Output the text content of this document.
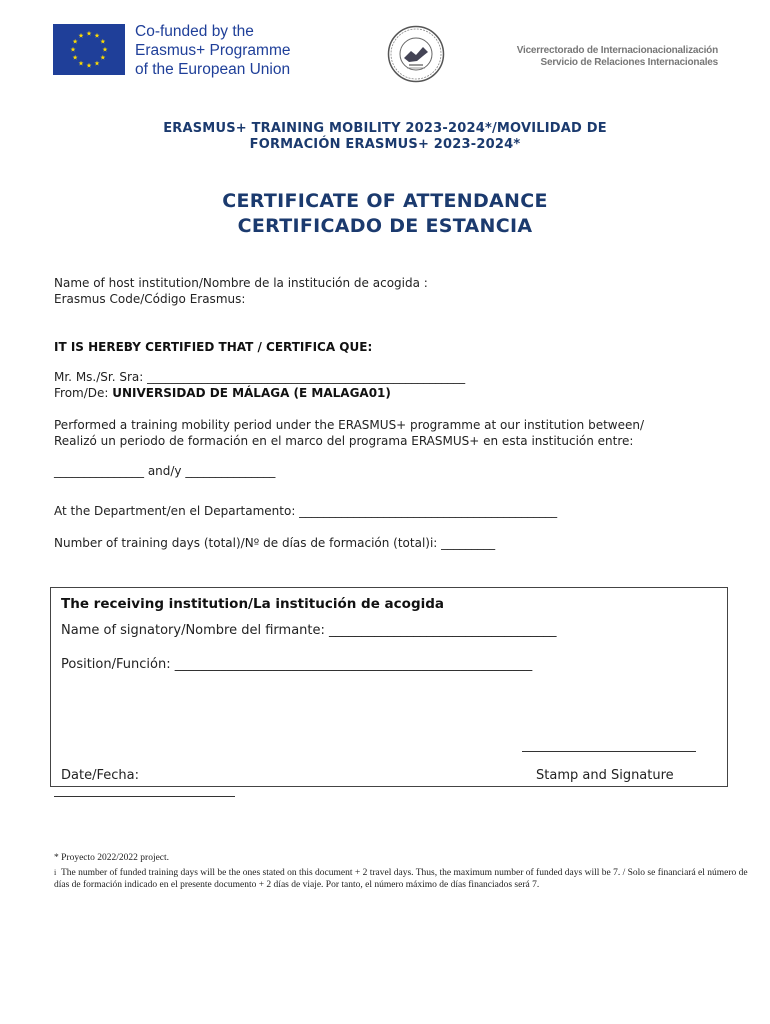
Co-funded by the
Erasmus+ Programme
of the European Union
Vicerrectorado de Internacionacionalización
Servicio de Relaciones Internacionales
ERASMUS+ TRAINING MOBILITY 2023-2024*/MOVILIDAD DE
FORMACIÓN ERASMUS+ 2023-2024*
CERTIFICATE OF ATTENDANCE
CERTIFICADO DE ESTANCIA
Name of host institution/Nombre de la institución de acogida :
Erasmus Code/Código Erasmus:
IT IS HEREBY CERTIFIED THAT / CERTIFICA QUE:
Mr. Ms./Sr. Sra: _____________________________________________________
From/De: UNIVERSIDAD DE MÁLAGA (E MALAGA01)
Performed a training mobility period under the ERASMUS+ programme at our institution between/
Realizó un periodo de formación en el marco del programa ERASMUS+ en esta institución entre:
_______________ and/y _______________
At the Department/en el Departamento: ___________________________________________
Number of training days (total)/Nº de días de formación (total)i: _________
The receiving institution/La institución de acogida
Name of signatory/Nombre del firmante: ___________________________________
Position/Función: _______________________________________________________
Date/Fecha:	Stamp and Signature
* Proyecto 2022/2022 project.
$^i$ The number of funded training days will be the ones stated on this document + 2 travel days. Thus, the maximum number of funded days will be 7. / Solo se financiará el número de días de formación indicado en el presente documento + 2 días de viaje. Por tanto, el número máximo de días financiados será 7.
